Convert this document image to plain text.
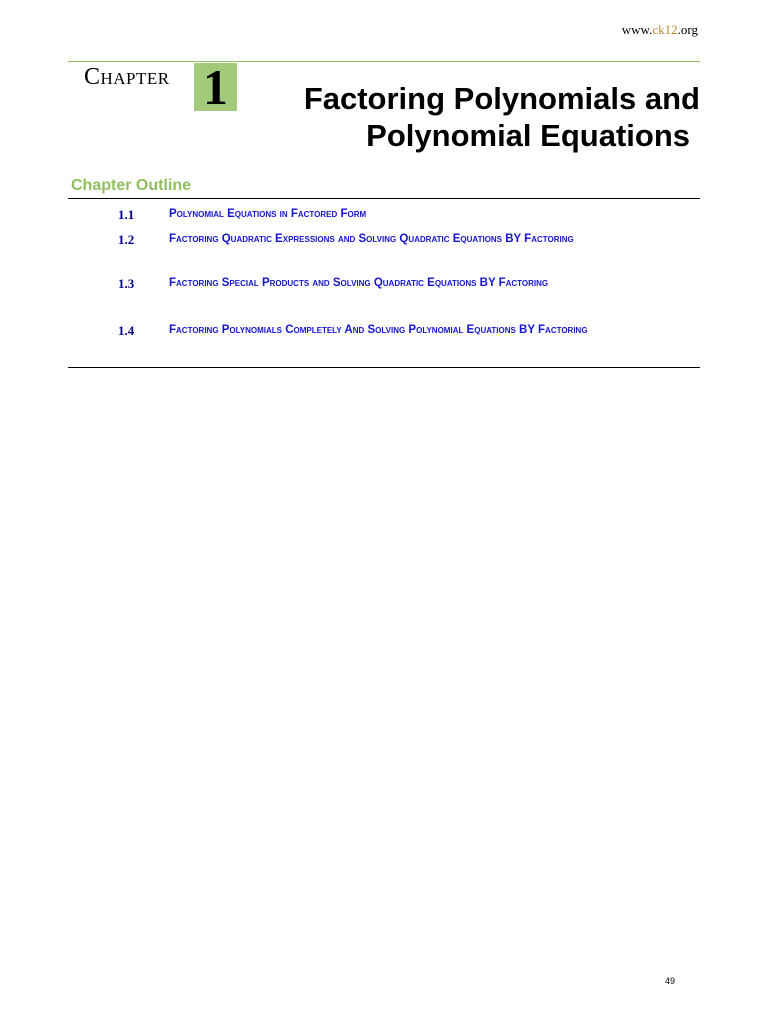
www.ck12.org
Chapter 1	Factoring Polynomials and
Polynomial Equations
Chapter Outline
1.1	Polynomial Equations in Factored Form
1.2	Factoring Quadratic Expressions and Solving Quadratic Equations BY Factoring
1.3	Factoring Special Products and Solving Quadratic Equations BY Factoring
1.4	Factoring Polynomials Completely And Solving Polynomial Equations BY Factoring
49
